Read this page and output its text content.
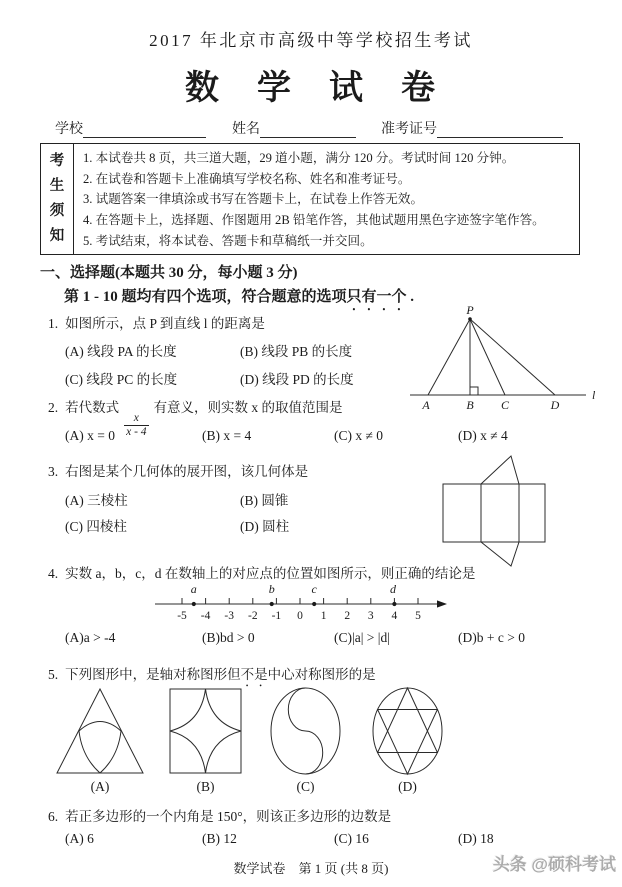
2017 年北京市高级中等学校招生考试
数　学　试　卷
学校	姓名	准考证号
考生须知
1. 本试卷共 8 页，共三道大题，29 道小题，满分 120 分。考试时间 120 分钟。
2. 在试卷和答题卡上准确填写学校名称、姓名和准考证号。
3. 试题答案一律填涂或书写在答题卡上，在试卷上作答无效。
4. 在答题卡上，选择题、作图题用 2B 铅笔作答，其他试题用黑色字迹签字笔作答。
5. 考试结束，将本试卷、答题卡和草稿纸一并交回。
一、选择题(本题共 30 分，每小题 3 分)
第 1 - 10 题均有四个选项，符合题意的选项只有一个 .
1. 如图所示，点 P 到直线 l 的距离是
(A) 线段 PA 的长度	(B) 线段 PB 的长度
(C) 线段 PC 的长度	(D) 线段 PD 的长度
P
A	B C	D
l
2. 若代数式
$\frac{x}{x - 4}$
有意义，则实数 x 的取值范围是
(A) x = 0	(B) x = 4	(C) x ≠ 0	(D) x ≠ 4
3. 右图是某个几何体的展开图，该几何体是
(A) 三棱柱	(B) 圆锥
(C) 四棱柱	(D) 圆柱
4. 实数 a，b，c，d 在数轴上的对应点的位置如图所示，则正确的结论是
-5 -4 -3 -2 -1 0 1 2 3 4 5
a	b	c	d
(A)a > -4	(B)bd > 0	(C)|a| > |d|	(D)b + c > 0
5. 下列图形中，是轴对称图形但不是中心对称图形的是
(A)	(B)	(C)	(D)
6. 若正多边形的一个内角是 150°，则该正多边形的边数是
(A) 6	(B) 12	(C) 16	(D) 18
数学试卷　第 1 页 (共 8 页)	头条 @硕科考试
